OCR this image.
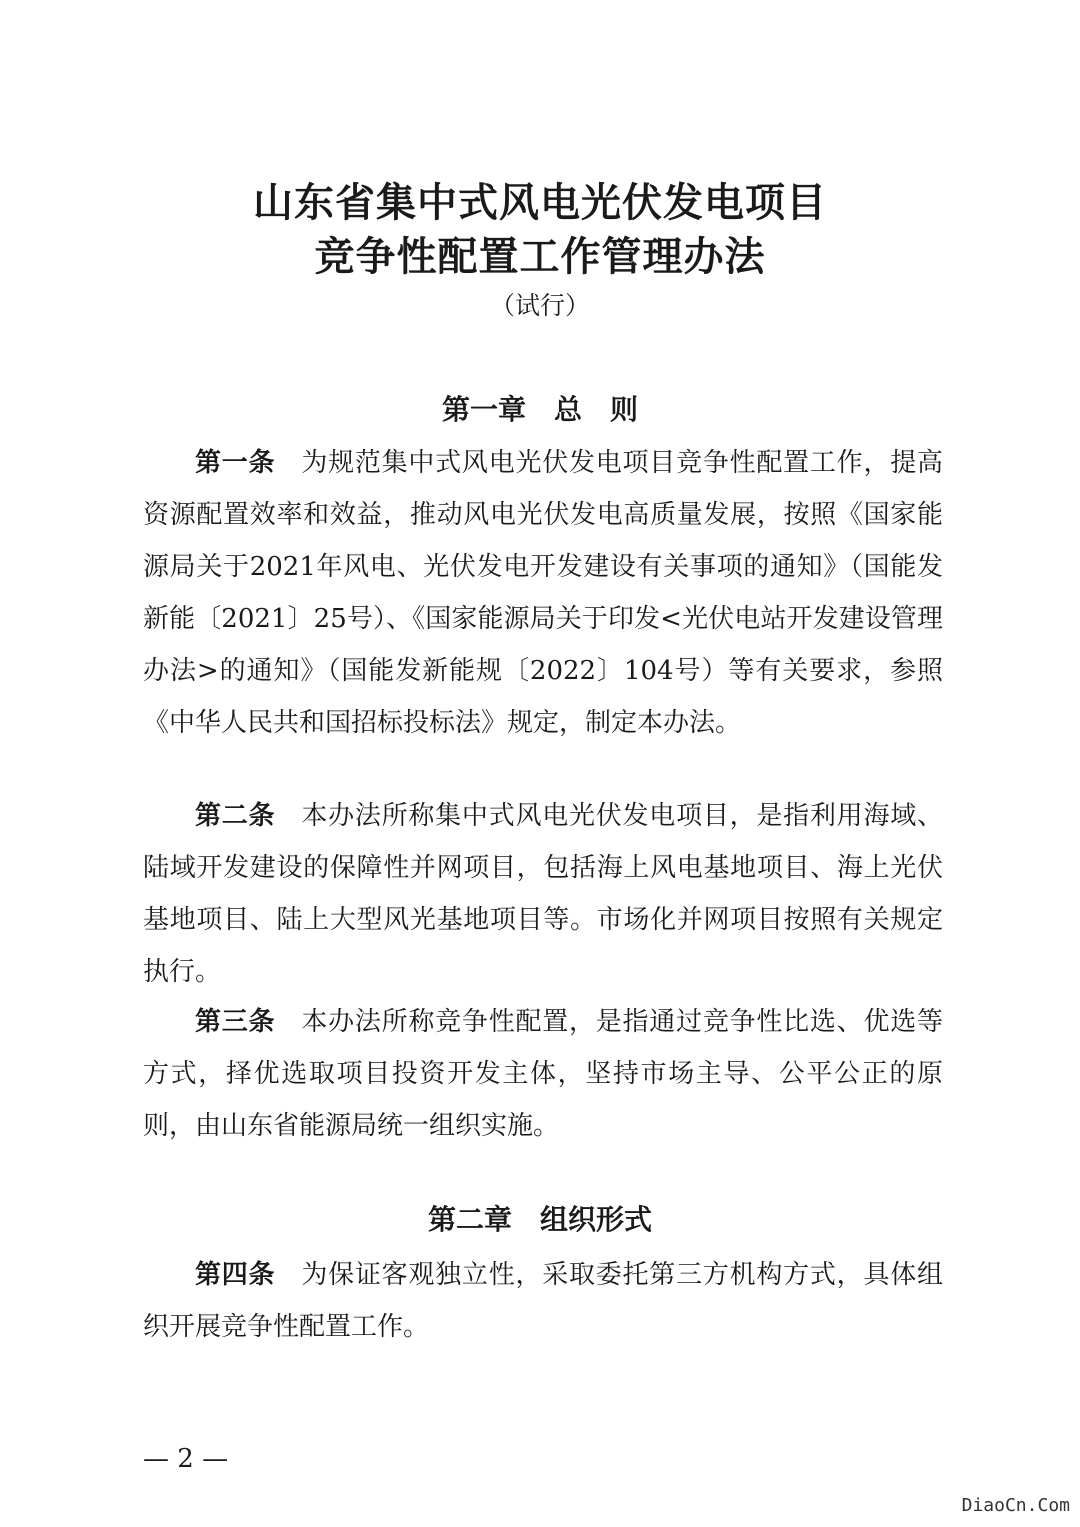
山东省集中式风电光伏发电项目
竞争性配置工作管理办法
（试行）
第一章　总　则

第一条 为规范集中式风电光伏发电项目竞争性配置工作，提高资源配置效率和效益，推动风电光伏发电高质量发展，按照《国家能源局关于2021年风电、光伏发电开发建设有关事项的通知》（国能发新能〔2021〕25号）、《国家能源局关于印发<光伏电站开发建设管理办法>的通知》（国能发新能规〔2022〕104号）等有关要求，参照《中华人民共和国招标投标法》规定，制定本办法。

第二条 本办法所称集中式风电光伏发电项目，是指利用海域、陆域开发建设的保障性并网项目，包括海上风电基地项目、海上光伏基地项目、陆上大型风光基地项目等。市场化并网项目按照有关规定执行。

第三条 本办法所称竞争性配置，是指通过竞争性比选、优选等方式，择优选取项目投资开发主体，坚持市场主导、公平公正的原则，由山东省能源局统一组织实施。

第二章　组织形式

第四条 为保证客观独立性，采取委托第三方机构方式，具体组织开展竞争性配置工作。

— 2 —
DiaoCn.Com
